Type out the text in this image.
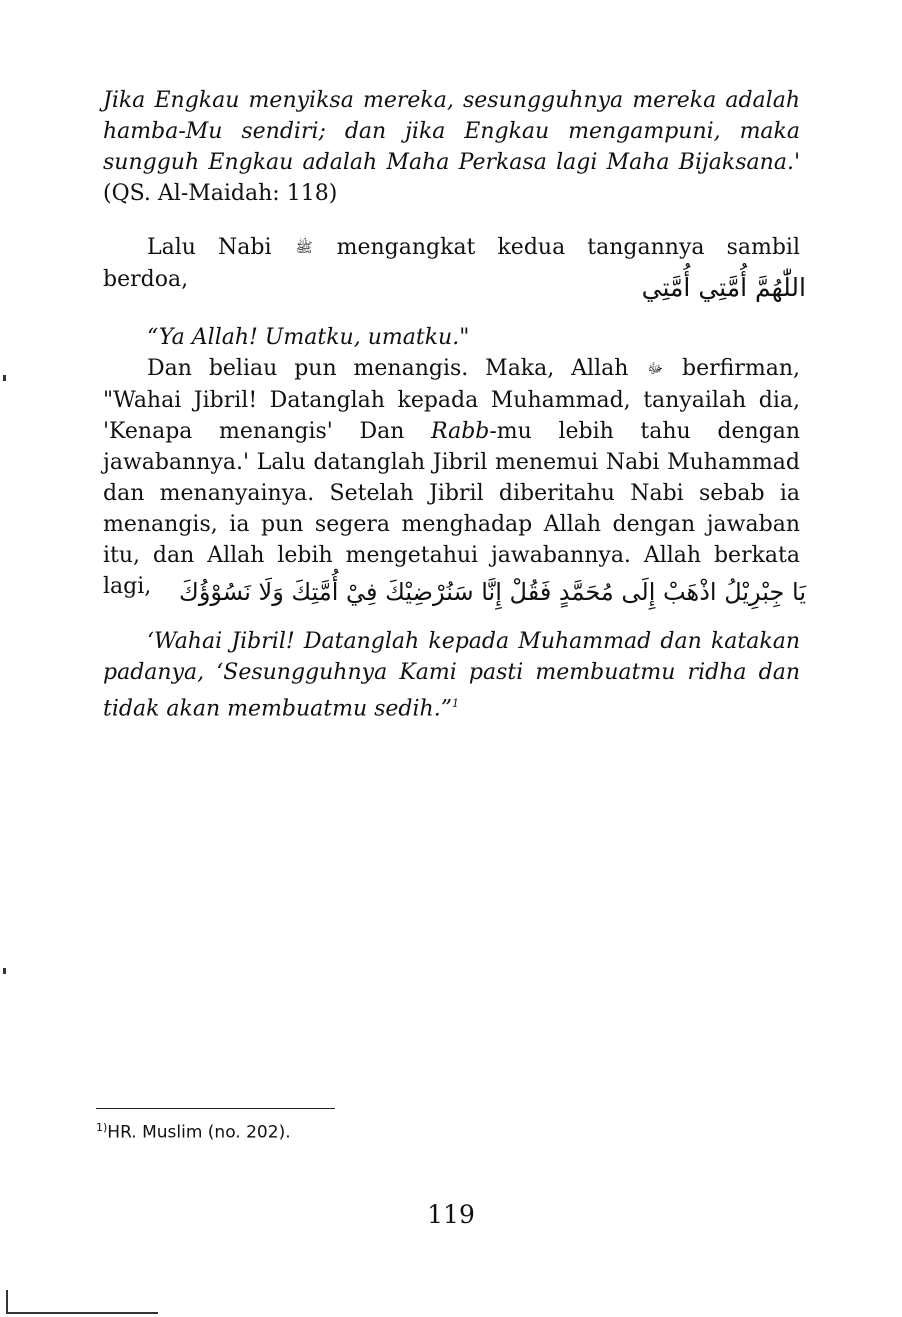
Jika Engkau menyiksa mereka, sesungguhnya mereka adalah hamba-Mu sendiri; dan jika Engkau mengampuni, maka sungguh Engkau adalah Maha Perkasa lagi Maha Bijaksana.' (QS. Al-Maidah: 118)

Lalu Nabi ﷺ mengangkat kedua tangannya sambil berdoa,	اللّٰهُمَّ أُمَّتِي أُمَّتِي

“Ya Allah! Umatku, umatku."

Dan beliau pun menangis. Maka, Allah ﷻ berfirman, "Wahai Jibril! Datanglah kepada Muhammad, tanyailah dia, 'Kenapa menangis' Dan Rabb-mu lebih tahu dengan jawabannya.' Lalu datanglah Jibril menemui Nabi Muhammad dan menanyainya. Setelah Jibril diberitahu Nabi sebab ia menangis, ia pun segera menghadap Allah dengan jawaban itu, dan Allah lebih mengetahui jawabannya. Allah berkata lagi,	يَا جِبْرِيْلُ اذْهَبْ إِلَى مُحَمَّدٍ فَقُلْ إِنَّا سَنُرْضِيْكَ فِيْ أُمَّتِكَ وَلَا نَسُوْؤُكَ

‘Wahai Jibril! Datanglah kepada Muhammad dan katakan padanya, ‘Sesungguhnya Kami pasti membuatmu ridha dan tidak akan membuatmu sedih.”$^1$

$^{1)}$HR. Muslim (no. 202).
119
